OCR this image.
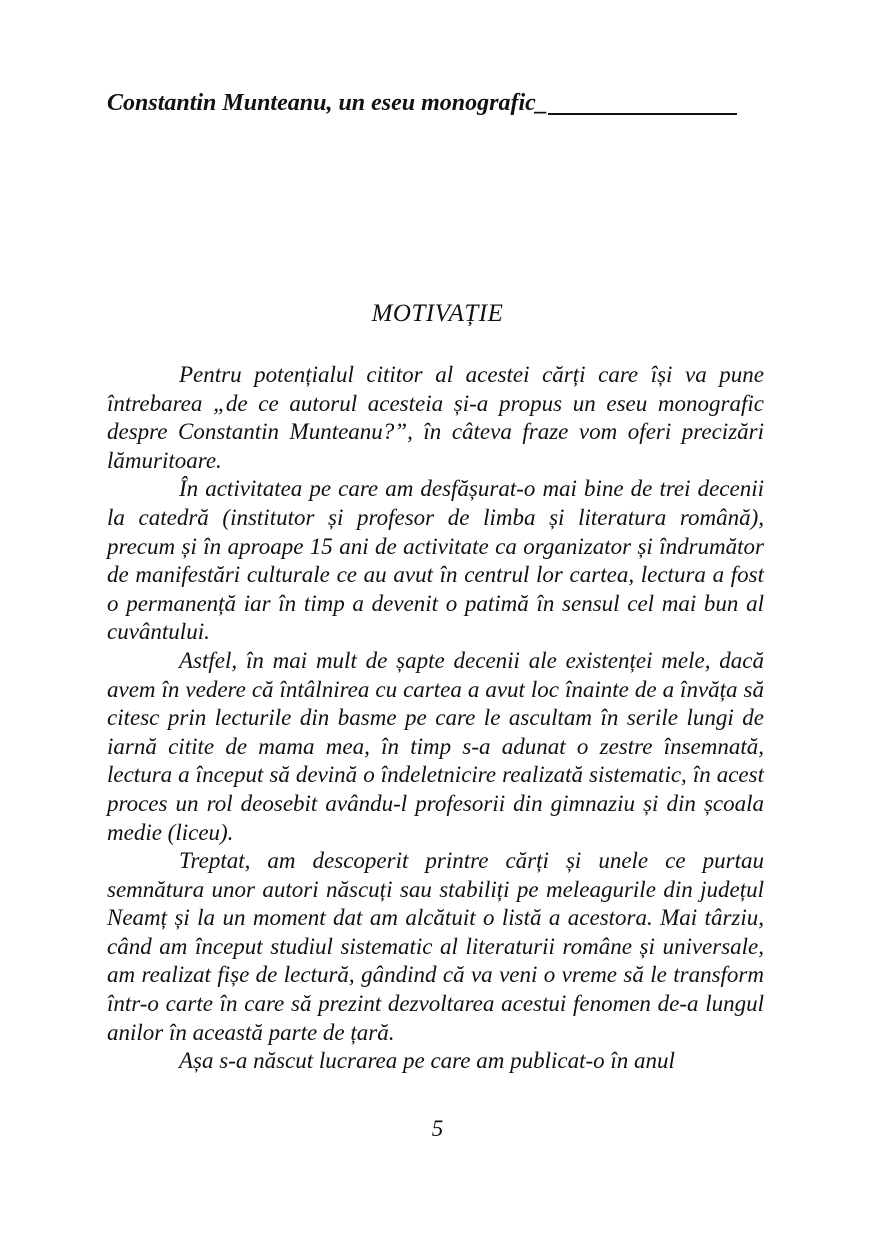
Constantin Munteanu, un eseu monografic_
MOTIVAȚIE

Pentru potențialul cititor al acestei cărți care își va pune întrebarea „de ce autorul acesteia și-a propus un eseu monografic despre Constantin Munteanu?”, în câteva fraze vom oferi precizări lămuritoare.

În activitatea pe care am desfășurat-o mai bine de trei decenii la catedră (institutor și profesor de limba și literatura română), precum și în aproape 15 ani de activitate ca organizator și îndrumător de manifestări culturale ce au avut în centrul lor cartea, lectura a fost o permanență iar în timp a devenit o patimă în sensul cel mai bun al cuvântului.

Astfel, în mai mult de șapte decenii ale existenței mele, dacă avem în vedere că întâlnirea cu cartea a avut loc înainte de a învăța să citesc prin lecturile din basme pe care le ascultam în serile lungi de iarnă citite de mama mea, în timp s-a adunat o zestre însemnată, lectura a început să devină o îndeletnicire realizată sistematic, în acest proces un rol deosebit avându-l profesorii din gimnaziu și din școala medie (liceu).

Treptat, am descoperit printre cărți și unele ce purtau semnătura unor autori născuți sau stabiliți pe meleagurile din județul Neamț și la un moment dat am alcătuit o listă a acestora. Mai târziu, când am început studiul sistematic al literaturii române și universale, am realizat fișe de lectură, gândind că va veni o vreme să le transform într-o carte în care să prezint dezvoltarea acestui fenomen de-a lungul anilor în această parte de țară.

Așa s-a născut lucrarea pe care am publicat-o în anul

5
